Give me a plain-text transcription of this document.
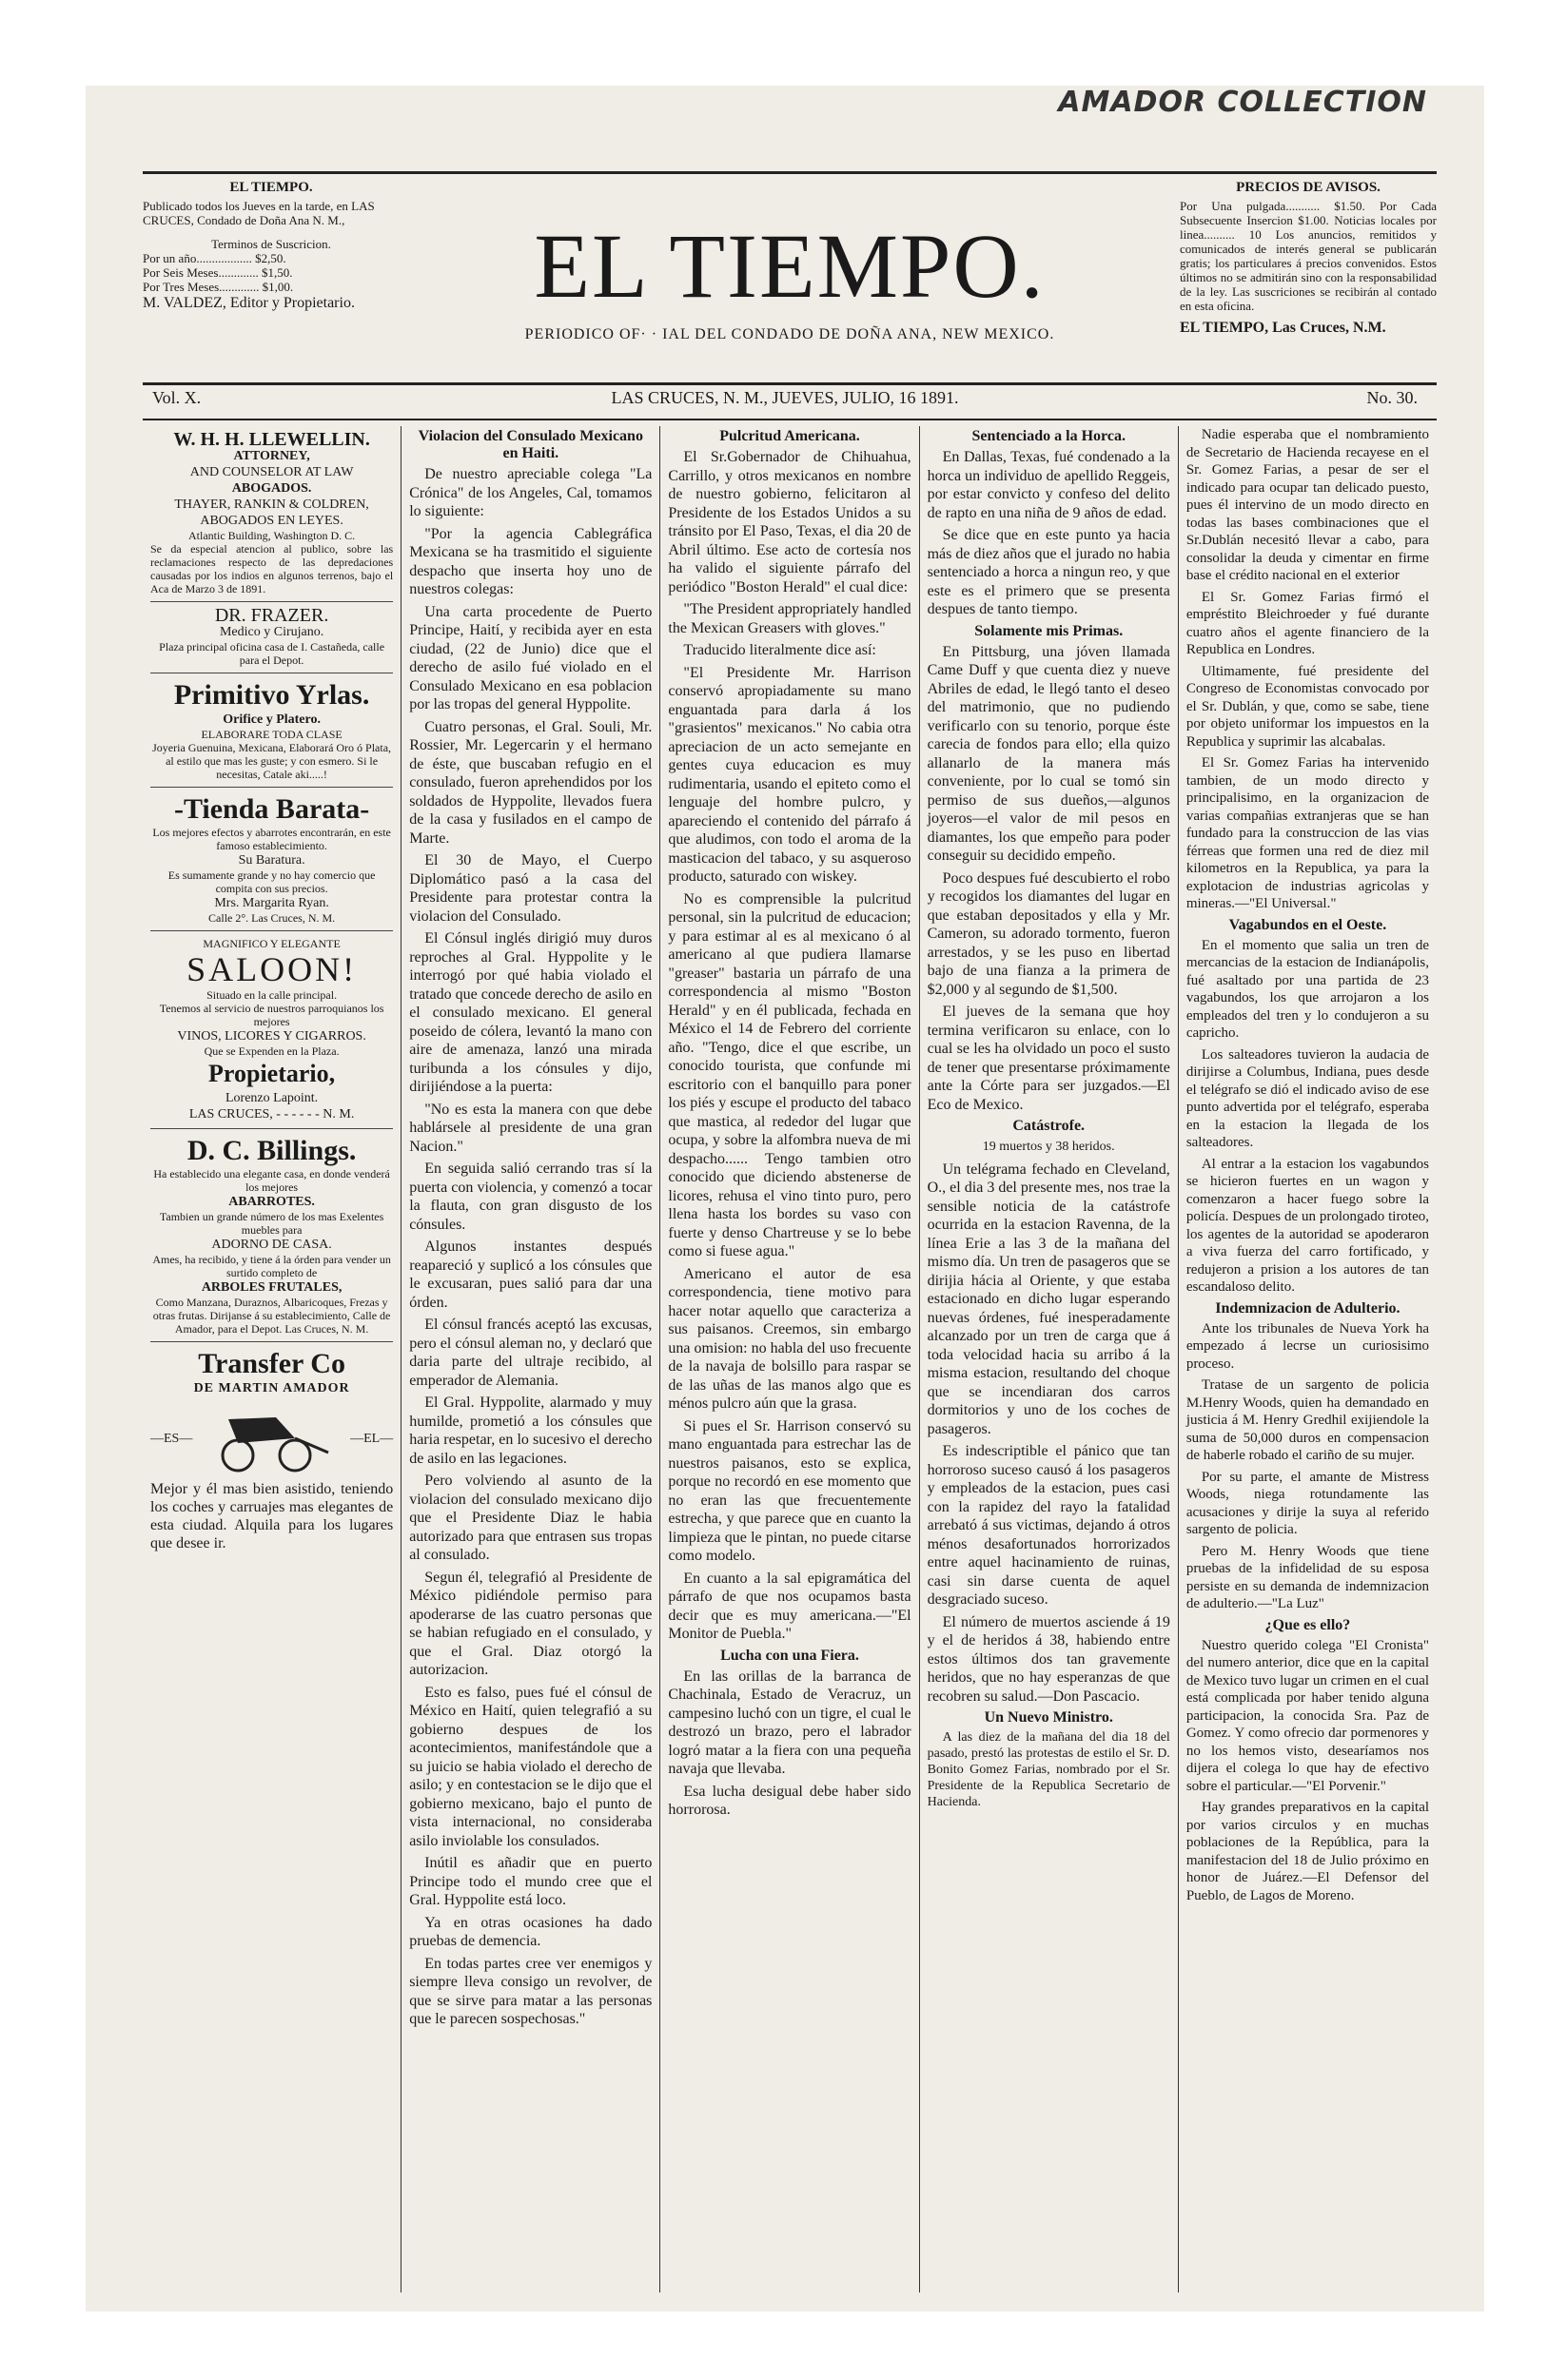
AMADOR COLLECTION
EL TIEMPO.
Publicado todos los Jueves en la tarde, en LAS CRUCES, Condado de Doña Ana N. M.,
Terminos de Suscricion.
Por un año.................. $2,50.
Por Seis Meses............. $1,50.
Por Tres Meses............. $1,00.
M. VALDEZ, Editor y Propietario.	EL TIEMPO.
PERIODICO OF· · IAL DEL CONDADO DE DOÑA ANA, NEW MEXICO.
PRECIOS DE AVISOS.
Por Una pulgada........... $1.50. Por Cada Subsecuente Insercion $1.00. Noticias locales por linea.......... 10 Los anuncios, remitidos y comunicados de interés general se publicarán gratis; los particulares á precios convenidos. Estos últimos no se admitirán sino con la responsabilidad de la ley. Las suscriciones se recibirán al contado en esta oficina.
EL TIEMPO, Las Cruces, N.M.
LAS CRUCES, N. M., JUEVES, JULIO, 16 1891.
Vol. X.	No. 30.
W. H. H. LLEWELLIN.
ATTORNEY,
AND COUNSELOR AT LAW
ABOGADOS.
THAYER, RANKIN & COLDREN, ABOGADOS EN LEYES.
Atlantic Building, Washington D. C.
Se da especial atencion al publico, sobre las reclamaciones respecto de las depredaciones causadas por los indios en algunos terrenos, bajo el Aca de Marzo 3 de 1891.
DR. FRAZER.
Medico y Cirujano.
Plaza principal oficina casa de I. Castañeda, calle para el Depot.
Primitivo Yrlas.
Orifice y Platero.
ELABORARE TODA CLASE
Joyeria Guenuina, Mexicana, Elaborará Oro ó Plata, al estilo que mas les guste; y con esmero. Si le necesitas, Catale aki.....!
-Tienda Barata-
Los mejores efectos y abarrotes encontrarán, en este famoso establecimiento.
Su Baratura.
Es sumamente grande y no hay comercio que compita con sus precios.
Mrs. Margarita Ryan.
Calle 2°. Las Cruces, N. M.
MAGNIFICO Y ELEGANTE
SALOON!
Situado en la calle principal.
Tenemos al servicio de nuestros parroquianos los mejores
VINOS, LICORES Y CIGARROS.
Que se Expenden en la Plaza.
Propietario,
Lorenzo Lapoint.
LAS CRUCES, - - - - - - N. M.
D. C. Billings.
Ha establecido una elegante casa, en donde venderá los mejores
ABARROTES.
Tambien un grande número de los mas Exelentes muebles para
ADORNO DE CASA.
Ames, ha recibido, y tiene á la órden para vender un surtido completo de
ARBOLES FRUTALES,
Como Manzana, Duraznos, Albaricoques, Frezas y otras frutas. Dirijanse á su establecimiento, Calle de Amador, para el Depot. Las Cruces, N. M.
Transfer Co
DE MARTIN AMADOR
—ES—	—EL—
Mejor y él mas bien asistido, teniendo los coches y carruajes mas elegantes de esta ciudad. Alquila para los lugares que desee ir.
Violacion del Consulado Mexicano en Haiti.

De nuestro apreciable colega "La Crónica" de los Angeles, Cal, tomamos lo siguiente:

"Por la agencia Cablegráfica Mexicana se ha trasmitido el siguiente despacho que inserta hoy uno de nuestros colegas:

Una carta procedente de Puerto Principe, Haití, y recibida ayer en esta ciudad, (22 de Junio) dice que el derecho de asilo fué violado en el Consulado Mexicano en esa poblacion por las tropas del general Hyppolite.

Cuatro personas, el Gral. Souli, Mr. Rossier, Mr. Legercarin y el hermano de éste, que buscaban refugio en el consulado, fueron aprehendidos por los soldados de Hyppolite, llevados fuera de la casa y fusilados en el campo de Marte.

El 30 de Mayo, el Cuerpo Diplomático pasó a la casa del Presidente para protestar contra la violacion del Consulado.

El Cónsul inglés dirigió muy duros reproches al Gral. Hyppolite y le interrogó por qué habia violado el tratado que concede derecho de asilo en el consulado mexicano. El general poseido de cólera, levantó la mano con aire de amenaza, lanzó una mirada turibunda a los cónsules y dijo, dirijiéndose a la puerta:

"No es esta la manera con que debe hablársele al presidente de una gran Nacion."

En seguida salió cerrando tras sí la puerta con violencia, y comenzó a tocar la flauta, con gran disgusto de los cónsules.

Algunos instantes después reapareció y suplicó a los cónsules que le excusaran, pues salió para dar una órden.

El cónsul francés aceptó las excusas, pero el cónsul aleman no, y declaró que daria parte del ultraje recibido, al emperador de Alemania.

El Gral. Hyppolite, alarmado y muy humilde, prometió a los cónsules que haria respetar, en lo sucesivo el derecho de asilo en las legaciones.

Pero volviendo al asunto de la violacion del consulado mexicano dijo que el Presidente Diaz le habia autorizado para que entrasen sus tropas al consulado.

Segun él, telegrafió al Presidente de México pidiéndole permiso para apoderarse de las cuatro personas que se habian refugiado en el consulado, y que el Gral. Diaz otorgó la autorizacion.

Esto es falso, pues fué el cónsul de México en Haití, quien telegrafió a su gobierno despues de los acontecimientos, manifestándole que a su juicio se habia violado el derecho de asilo; y en contestacion se le dijo que el gobierno mexicano, bajo el punto de vista internacional, no consideraba asilo inviolable los consulados.

Inútil es añadir que en puerto Principe todo el mundo cree que el Gral. Hyppolite está loco.

Ya en otras ocasiones ha dado pruebas de demencia.

En todas partes cree ver enemigos y siempre lleva consigo un revolver, de que se sirve para matar a las personas que le parecen sospechosas."

Pulcritud Americana.

El Sr.Gobernador de Chihuahua, Carrillo, y otros mexicanos en nombre de nuestro gobierno, felicitaron al Presidente de los Estados Unidos a su tránsito por El Paso, Texas, el dia 20 de Abril último. Ese acto de cortesía nos ha valido el siguiente párrafo del periódico "Boston Herald" el cual dice:

"The President appropriately handled the Mexican Greasers with gloves."

Traducido literalmente dice así:

"El Presidente Mr. Harrison conservó apropiadamente su mano enguantada para darla á los "grasientos" mexicanos." No cabia otra apreciacion de un acto semejante en gentes cuya educacion es muy rudimentaria, usando el epiteto como el lenguaje del hombre pulcro, y apareciendo el contenido del párrafo á que aludimos, con todo el aroma de la masticacion del tabaco, y su asqueroso producto, saturado con wiskey.

No es comprensible la pulcritud personal, sin la pulcritud de educacion; y para estimar al es al mexicano ó al americano al que pudiera llamarse "greaser" bastaria un párrafo de una correspondencia al mismo "Boston Herald" y en él publicada, fechada en México el 14 de Febrero del corriente año. "Tengo, dice el que escribe, un conocido tourista, que confunde mi escritorio con el banquillo para poner los piés y escupe el producto del tabaco que mastica, al rededor del lugar que ocupa, y sobre la alfombra nueva de mi despacho...... Tengo tambien otro conocido que diciendo abstenerse de licores, rehusa el vino tinto puro, pero llena hasta los bordes su vaso con fuerte y denso Chartreuse y se lo bebe como si fuese agua."

Americano el autor de esa correspondencia, tiene motivo para hacer notar aquello que caracteriza a sus paisanos. Creemos, sin embargo una omision: no habla del uso frecuente de la navaja de bolsillo para raspar se de las uñas de las manos algo que es ménos pulcro aún que la grasa.

Si pues el Sr. Harrison conservó su mano enguantada para estrechar las de nuestros paisanos, esto se explica, porque no recordó en ese momento que no eran las que frecuentemente estrecha, y que parece que en cuanto la limpieza que le pintan, no puede citarse como modelo.

En cuanto a la sal epigramática del párrafo de que nos ocupamos basta decir que es muy americana.—"El Monitor de Puebla."

Lucha con una Fiera.

En las orillas de la barranca de Chachinala, Estado de Veracruz, un campesino luchó con un tigre, el cual le destrozó un brazo, pero el labrador logró matar a la fiera con una pequeña navaja que llevaba.

Esa lucha desigual debe haber sido horrorosa.

Sentenciado a la Horca.

En Dallas, Texas, fué condenado a la horca un individuo de apellido Reggeis, por estar convicto y confeso del delito de rapto en una niña de 9 años de edad.

Se dice que en este punto ya hacia más de diez años que el jurado no habia sentenciado a horca a ningun reo, y que este es el primero que se presenta despues de tanto tiempo.

Solamente mis Primas.

En Pittsburg, una jóven llamada Came Duff y que cuenta diez y nueve Abriles de edad, le llegó tanto el deseo del matrimonio, que no pudiendo verificarlo con su tenorio, porque éste carecia de fondos para ello; ella quizo allanarlo de la manera más conveniente, por lo cual se tomó sin permiso de sus dueños,—algunos joyeros—el valor de mil pesos en diamantes, los que empeño para poder conseguir su decidido empeño.

Poco despues fué descubierto el robo y recogidos los diamantes del lugar en que estaban depositados y ella y Mr. Cameron, su adorado tormento, fueron arrestados, y se les puso en libertad bajo de una fianza a la primera de $2,000 y al segundo de $1,500.

El jueves de la semana que hoy termina verificaron su enlace, con lo cual se les ha olvidado un poco el susto de tener que presentarse próximamente ante la Córte para ser juzgados.—El Eco de Mexico.

Catástrofe.
19 muertos y 38 heridos.

Un telégrama fechado en Cleveland, O., el dia 3 del presente mes, nos trae la sensible noticia de la catástrofe ocurrida en la estacion Ravenna, de la línea Erie a las 3 de la mañana del mismo día. Un tren de pasageros que se dirijia hácia al Oriente, y que estaba estacionado en dicho lugar esperando nuevas órdenes, fué inesperadamente alcanzado por un tren de carga que á toda velocidad hacia su arribo á la misma estacion, resultando del choque que se incendiaran dos carros dormitorios y uno de los coches de pasageros.

Es indescriptible el pánico que tan horroroso suceso causó á los pasageros y empleados de la estacion, pues casi con la rapidez del rayo la fatalidad arrebató á sus victimas, dejando á otros ménos desafortunados horrorizados entre aquel hacinamiento de ruinas, casi sin darse cuenta de aquel desgraciado suceso.

El número de muertos asciende á 19 y el de heridos á 38, habiendo entre estos últimos dos tan gravemente heridos, que no hay esperanzas de que recobren su salud.—Don Pascacio.

Un Nuevo Ministro.

A las diez de la mañana del dia 18 del pasado, prestó las protestas de estilo el Sr. D. Bonito Gomez Farias, nombrado por el Sr. Presidente de la Republica Secretario de Hacienda.

Nadie esperaba que el nombramiento de Secretario de Hacienda recayese en el Sr. Gomez Farias, a pesar de ser el indicado para ocupar tan delicado puesto, pues él intervino de un modo directo en todas las bases combinaciones que el Sr.Dublán necesitó llevar a cabo, para consolidar la deuda y cimentar en firme base el crédito nacional en el exterior

El Sr. Gomez Farias firmó el empréstito Bleichroeder y fué durante cuatro años el agente financiero de la Republica en Londres.

Ultimamente, fué presidente del Congreso de Economistas convocado por el Sr. Dublán, y que, como se sabe, tiene por objeto uniformar los impuestos en la Republica y suprimir las alcabalas.

El Sr. Gomez Farias ha intervenido tambien, de un modo directo y principalisimo, en la organizacion de varias compañias extranjeras que se han fundado para la construccion de las vias férreas que formen una red de diez mil kilometros en la Republica, ya para la explotacion de industrias agricolas y mineras.—"El Universal."

Vagabundos en el Oeste.

En el momento que salia un tren de mercancias de la estacion de Indianápolis, fué asaltado por una partida de 23 vagabundos, los que arrojaron a los empleados del tren y lo condujeron a su capricho.

Los salteadores tuvieron la audacia de dirijirse a Columbus, Indiana, pues desde el telégrafo se dió el indicado aviso de ese punto advertida por el telégrafo, esperaba en la estacion la llegada de los salteadores.

Al entrar a la estacion los vagabundos se hicieron fuertes en un wagon y comenzaron a hacer fuego sobre la policía. Despues de un prolongado tiroteo, los agentes de la autoridad se apoderaron a viva fuerza del carro fortificado, y redujeron a prision a los autores de tan escandaloso delito.

Indemnizacion de Adulterio.

Ante los tribunales de Nueva York ha empezado á lecrse un curiosisimo proceso.

Tratase de un sargento de policia M.Henry Woods, quien ha demandado en justicia á M. Henry Gredhil exijiendole la suma de 50,000 duros en compensacion de haberle robado el cariño de su mujer.

Por su parte, el amante de Mistress Woods, niega rotundamente las acusaciones y dirije la suya al referido sargento de policia.

Pero M. Henry Woods que tiene pruebas de la infidelidad de su esposa persiste en su demanda de indemnizacion de adulterio.—"La Luz"

¿Que es ello?

Nuestro querido colega "El Cronista" del numero anterior, dice que en la capital de Mexico tuvo lugar un crimen en el cual está complicada por haber tenido alguna participacion, la conocida Sra. Paz de Gomez. Y como ofrecio dar pormenores y no los hemos visto, desearíamos nos dijera el colega lo que hay de efectivo sobre el particular.—"El Porvenir."

Hay grandes preparativos en la capital por varios circulos y en muchas poblaciones de la República, para la manifestacion del 18 de Julio próximo en honor de Juárez.—El Defensor del Pueblo, de Lagos de Moreno.
